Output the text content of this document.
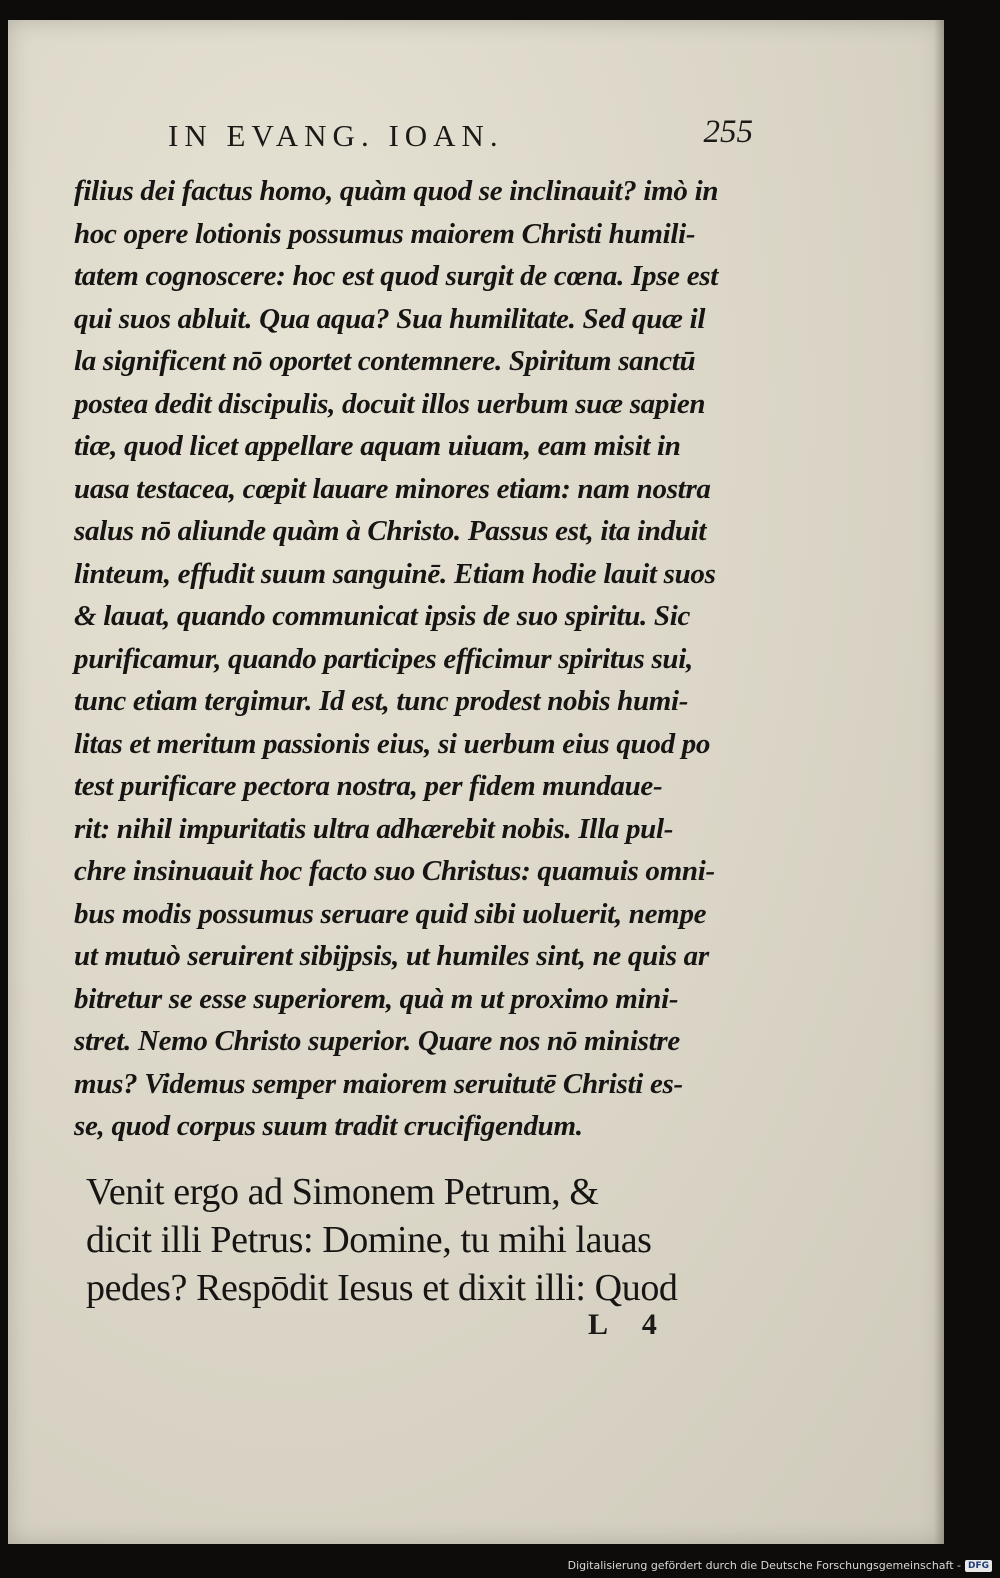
IN EVANG. IOAN.	255
filius dei factus homo, quàm quod se inclinauit? imò in
hoc opere lotionis possumus maiorem Christi humili-
tatem cognoscere: hoc est quod surgit de cœna. Ipse est
qui suos abluit. Qua aqua? Sua humilitate. Sed quæ il
la significent nō oportet contemnere. Spiritum sanctū
postea dedit discipulis, docuit illos uerbum suæ sapien
tiæ, quod licet appellare aquam uiuam, eam misit in
uasa testacea, cœpit lauare minores etiam: nam nostra
salus nō aliunde quàm à Christo. Passus est, ita induit
linteum, effudit suum sanguinē. Etiam hodie lauit suos
& lauat, quando communicat ipsis de suo spiritu. Sic
purificamur, quando participes efficimur spiritus sui,
tunc etiam tergimur. Id est, tunc prodest nobis humi-
litas et meritum passionis eius, si uerbum eius quod po
test purificare pectora nostra, per fidem mundaue-
rit: nihil impuritatis ultra adhærebit nobis. Illa pul-
chre insinuauit hoc facto suo Christus: quamuis omni-
bus modis possumus seruare quid sibi uoluerit, nempe
ut mutuò seruirent sibijpsis, ut humiles sint, ne quis ar
bitretur se esse superiorem, quà m ut proximo mini-
stret. Nemo Christo superior. Quare nos nō ministre
mus? Videmus semper maiorem seruitutē Christi es-
se, quod corpus suum tradit crucifigendum.
Venit ergo ad Simonem Petrum, &
dicit illi Petrus: Domine, tu mihi lauas
pedes? Respōdit Iesus et dixit illi: Quod
L 4
Digitalisierung gefördert durch die Deutsche Forschungsgemeinschaft - DFG
